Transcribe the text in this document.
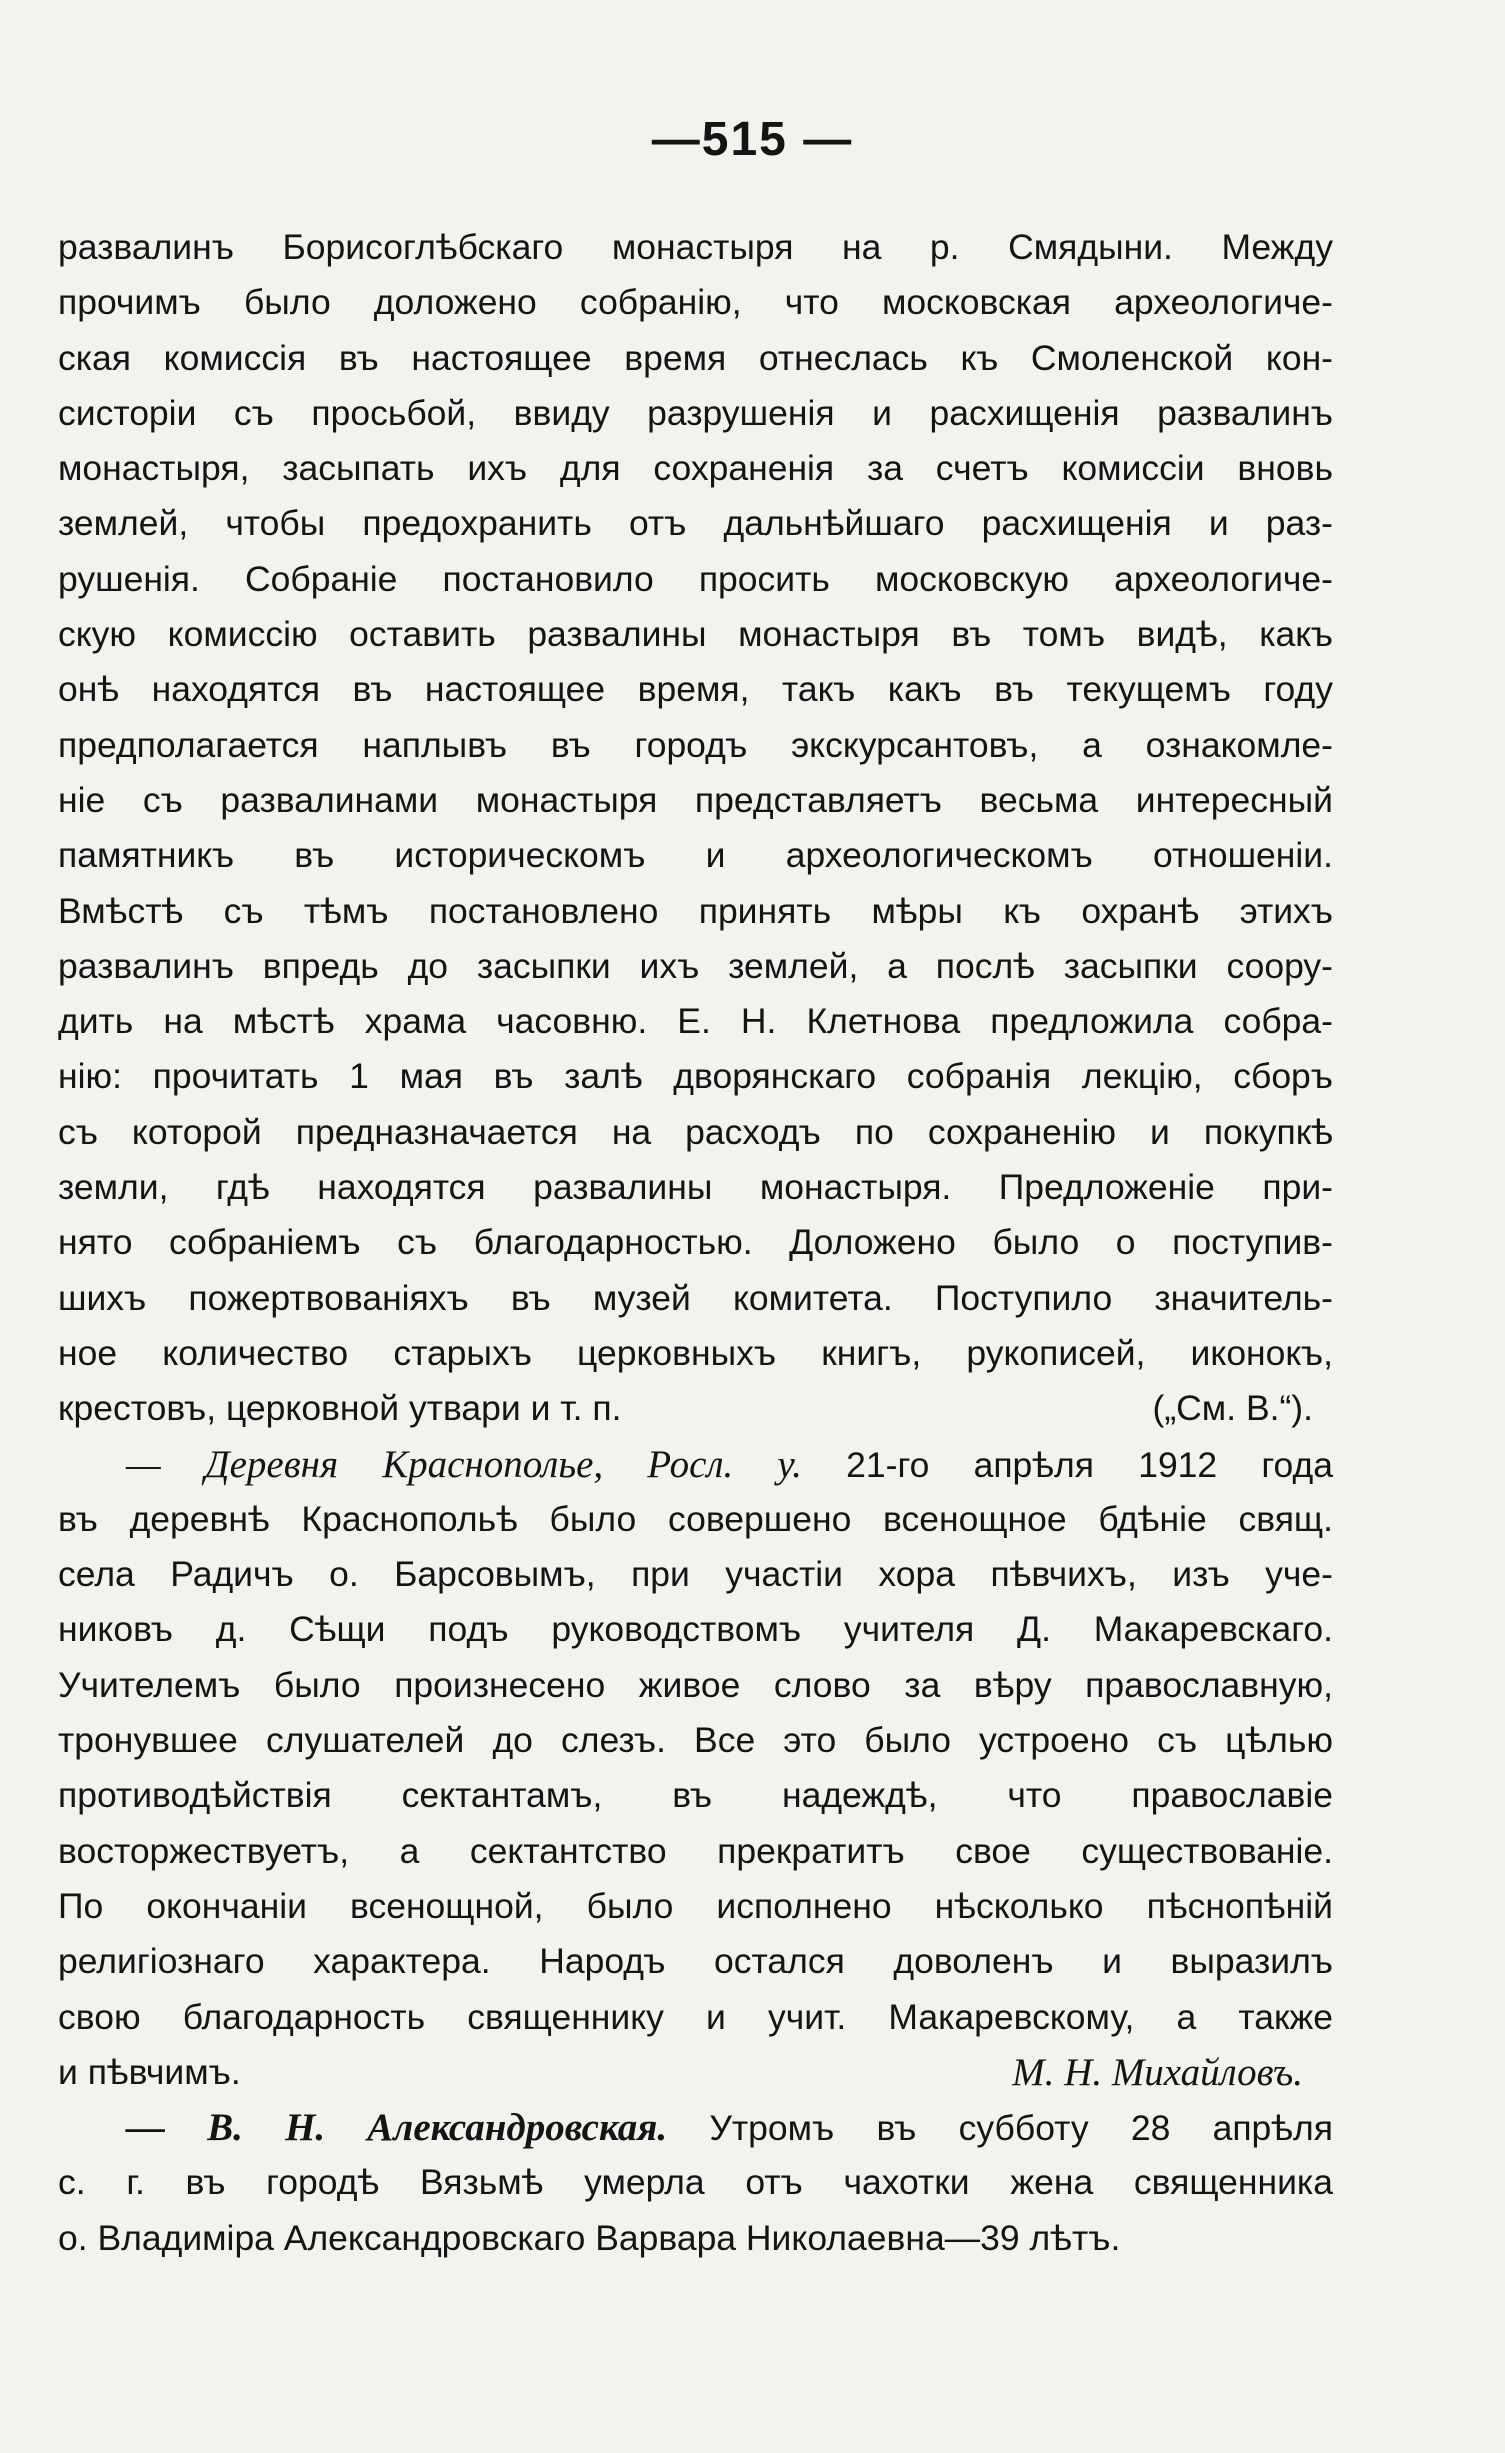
—515 —
развалинъ Борисоглѣбскаго монастыря на р. Смядыни. Между
прочимъ было доложено собранію, что московская археологиче-
ская комиссія въ настоящее время отнеслась къ Смоленской кон-
систоріи съ просьбой, ввиду разрушенія и расхищенія развалинъ
монастыря, засыпать ихъ для сохраненія за счетъ комиссіи вновь
землей, чтобы предохранить отъ дальнѣйшаго расхищенія и раз-
рушенія. Собраніе постановило просить московскую археологиче-
скую комиссію оставить развалины монастыря въ томъ видѣ, какъ
онѣ находятся въ настоящее время, такъ какъ въ текущемъ году
предполагается наплывъ въ городъ экскурсантовъ, а ознакомле-
ніе съ развалинами монастыря представляетъ весьма интересный
памятникъ въ историческомъ и археологическомъ отношеніи.
Вмѣстѣ съ тѣмъ постановлено принять мѣры къ охранѣ этихъ
развалинъ впредь до засыпки ихъ землей, а послѣ засыпки соору-
дить на мѣстѣ храма часовню. Е. Н. Клетнова предложила собра-
нію: прочитать 1 мая въ залѣ дворянскаго собранія лекцію, сборъ
съ которой предназначается на расходъ по сохраненію и покупкѣ
земли, гдѣ находятся развалины монастыря. Предложеніе при-
нято собраніемъ съ благодарностью. Доложено было о поступив-
шихъ пожертвованіяхъ въ музей комитета. Поступило значитель-
ное количество старыхъ церковныхъ книгъ, рукописей, иконокъ,
крестовъ, церковной утвари и т. п.	(„См. В.“).
— Деревня Краснополье, Росл. у. 21-го апрѣля 1912 года
въ деревнѣ Краснопольѣ было совершено всенощное бдѣніе свящ.
села Радичъ о. Барсовымъ, при участіи хора пѣвчихъ, изъ уче-
никовъ д. Сѣщи подъ руководствомъ учителя Д. Макаревскаго.
Учителемъ было произнесено живое слово за вѣру православную,
тронувшее слушателей до слезъ. Все это было устроено съ цѣлью
противодѣйствія сектантамъ, въ надеждѣ, что православіе
восторжествуетъ, а сектантство прекратитъ свое существованіе.
По окончаніи всенощной, было исполнено нѣсколько пѣснопѣній
религіознаго характера. Народъ остался доволенъ и выразилъ
свою благодарность священнику и учит. Макаревскому, а также
и пѣвчимъ.	М. Н. Михайловъ.
— В. Н. Александровская. Утромъ въ субботу 28 апрѣля
с. г. въ городѣ Вязьмѣ умерла отъ чахотки жена священника
о. Владиміра Александровскаго Варвара Николаевна—39 лѣтъ.
